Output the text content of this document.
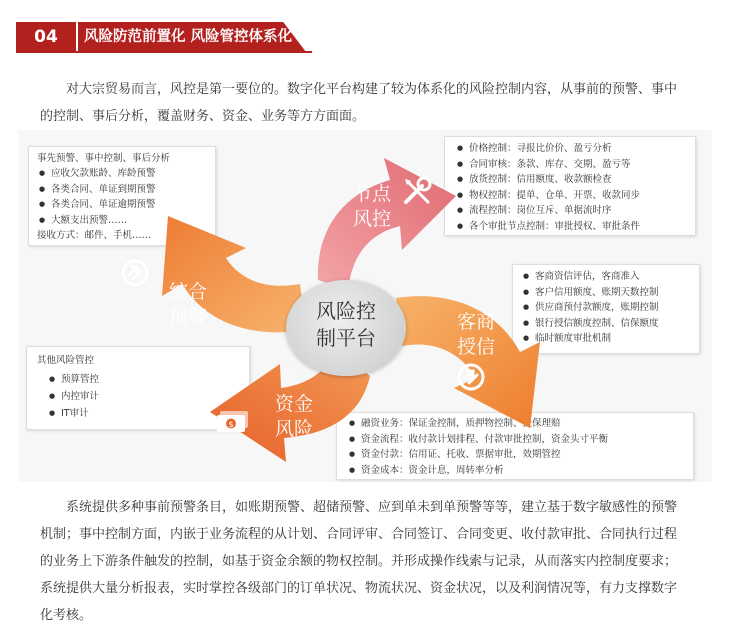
04	风险防范前置化 风险管控体系化
对大宗贸易而言，风控是第一要位的。数字化平台构建了较为体系化的风险控制内容，从事前的预警、事中的控制、事后分析，覆盖财务、资金、业务等方方面面。
事先预警、事中控制、事后分析
● 应收欠款账龄、库龄预警
● 各类合同、单证到期预警
● 各类合同、单证逾期预警
● 大额支出预警……
接收方式：邮件、手机……
● 价格控制：寻报比价价、盈亏分析
● 合同审核：条款、库存、交期、盈亏等
● 放货控制：信用额度、收款额检查
● 物权控制：提单、仓单、开票、收款同步
● 流程控制：岗位互斥、单据流时序
● 各个审批节点控制：审批授权、审批条件
● 客商资信评估，客商准入
● 客户信用额度、账期天数控制
● 供应商预付款额度，账期控制
● 银行授信额度控制、信保额度
● 临时额度审批机制
其他风险管控
● 预算管控
● 内控审计
● IT审计
● 融资业务：保证金控制，质押物控制、投保理赔
● 资金流程：收付款计划排程、付款审批控制，资金头寸平衡
● 资金付款：信用证、托收、票据审批，效期管控
● 资金成本：资金计息，周转率分析
$
节点
风控
客商
授信
资金
风险
综合
预警	风险控
制平台
系统提供多种事前预警条目，如账期预警、超储预警、应到单未到单预警等等，建立基于数字敏感性的预警机制；事中控制方面，内嵌于业务流程的从计划、合同评审、合同签订、合同变更、收付款审批、合同执行过程的业务上下游条件触发的控制，如基于资金余额的物权控制。并形成操作线索与记录，从而落实内控制度要求；系统提供大量分析报表，实时掌控各级部门的订单状况、物流状况、资金状况，以及利润情况等，有力支撑数字化考核。
